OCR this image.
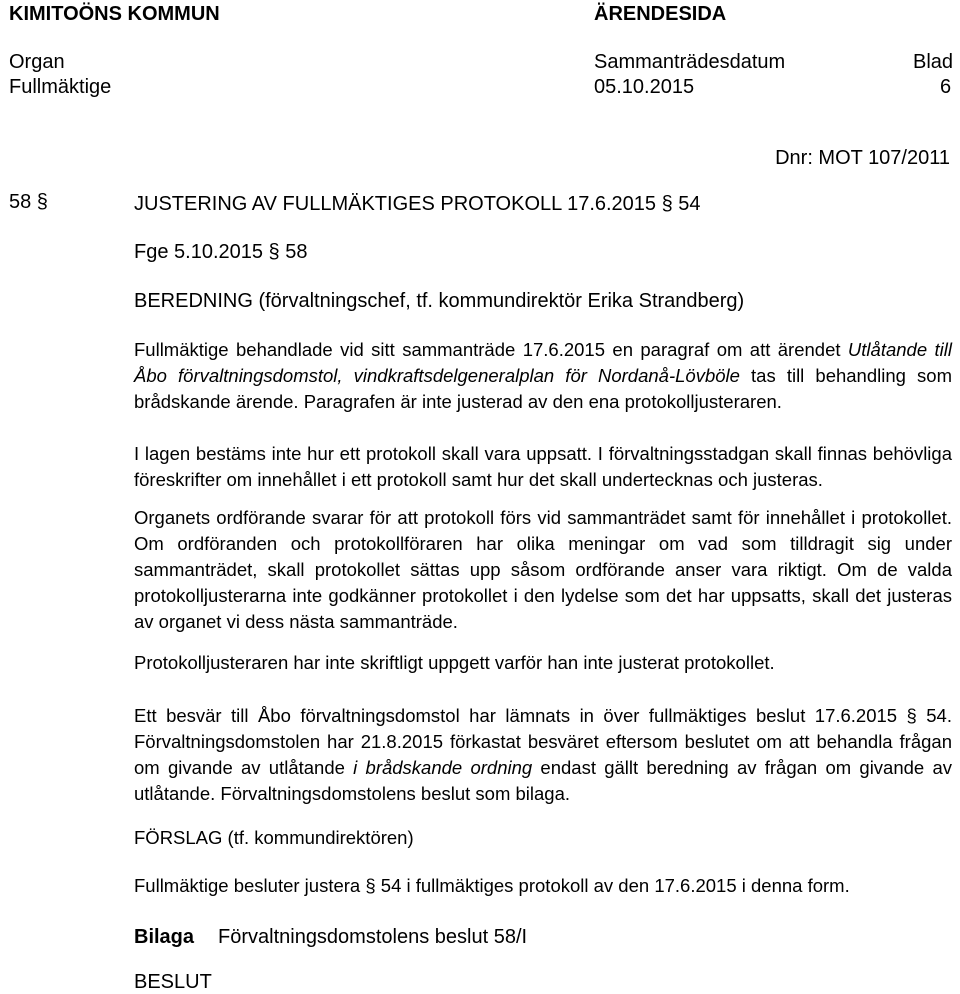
KIMITOÖNS KOMMUN	ÄRENDESIDA
Organ	Sammanträdesdatum	Blad
Fullmäktige	05.10.2015	6
Dnr: MOT 107/2011
58 §	JUSTERING AV FULLMÄKTIGES PROTOKOLL 17.6.2015 § 54
Fge 5.10.2015 § 58
BEREDNING (förvaltningschef, tf. kommundirektör Erika Strandberg)
Fullmäktige behandlade vid sitt sammanträde 17.6.2015 en paragraf om att ärendet Utlåtande till Åbo förvaltningsdomstol, vindkraftsdelgeneralplan för Nordanå-Lövböle tas till behandling som brådskande ärende. Paragrafen är inte justerad av den ena protokolljusteraren.
I lagen bestäms inte hur ett protokoll skall vara uppsatt. I förvaltningsstadgan skall finnas behövliga föreskrifter om innehållet i ett protokoll samt hur det skall undertecknas och justeras.
Organets ordförande svarar för att protokoll förs vid sammanträdet samt för innehållet i protokollet. Om ordföranden och protokollföraren har olika meningar om vad som tilldragit sig under sammanträdet, skall protokollet sättas upp såsom ordförande anser vara riktigt. Om de valda protokolljusterarna inte godkänner protokollet i den lydelse som det har uppsatts, skall det justeras av organet vi dess nästa sammanträde.
Protokolljusteraren har inte skriftligt uppgett varför han inte justerat protokollet.
Ett besvär till Åbo förvaltningsdomstol har lämnats in över fullmäktiges beslut 17.6.2015 § 54. Förvaltningsdomstolen har 21.8.2015 förkastat besväret eftersom beslutet om att behandla frågan om givande av utlåtande i brådskande ordning endast gällt beredning av frågan om givande av utlåtande. Förvaltningsdomstolens beslut som bilaga.
FÖRSLAG (tf. kommundirektören)
Fullmäktige besluter justera § 54 i fullmäktiges protokoll av den 17.6.2015 i denna form.
Bilaga Förvaltningsdomstolens beslut 58/I
BESLUT
